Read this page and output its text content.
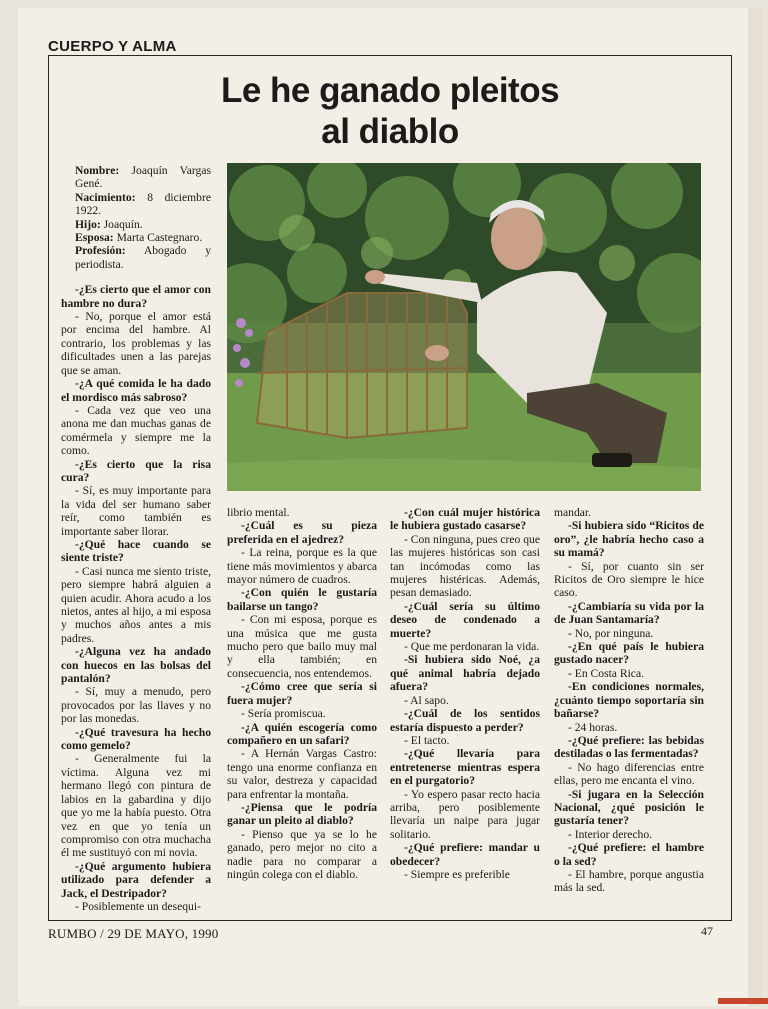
CUERPO Y ALMA
Le he ganado pleitos
al diablo

Nombre: Joaquín Vargas Gené.

Nacimiento: 8 diciembre 1922.

Hijo: Joaquín.

Esposa: Marta Castegnaro.

Profesión: Abogado y periodista.

-¿Es cierto que el amor con hambre no dura?

- No, porque el amor está por encima del hambre. Al contrario, los problemas y las dificultades unen a las parejas que se aman.

-¿A qué comida le ha dado el mordisco más sabroso?

- Cada vez que veo una anona me dan muchas ganas de comérmela y siempre me la como.

-¿Es cierto que la risa cura?

- Sí, es muy importante para la vida del ser humano saber reír, como también es importante saber llorar.

-¿Qué hace cuando se siente triste?

- Casi nunca me siento triste, pero siempre habrá alguien a quien acudir. Ahora acudo a los nietos, antes al hijo, a mi esposa y muchos años antes a mis padres.

-¿Alguna vez ha andado con huecos en las bolsas del pantalón?

- Sí, muy a menudo, pero provocados por las llaves y no por las monedas.

-¿Qué travesura ha hecho como gemelo?

- Generalmente fui la víctima. Alguna vez mi hermano llegó con pintura de labios en la gabardina y dijo que yo me la había puesto. Otra vez en que yo tenía un compromiso con otra muchacha él me sustituyó con mi novia.

-¿Qué argumento hubiera utilizado para defender a Jack, el Destripador?

- Posiblemente un desequi-

librio mental.

-¿Cuál es su pieza preferida en el ajedrez?

- La reina, porque es la que tiene más movimientos y abarca mayor número de cuadros.

-¿Con quién le gustaría bailarse un tango?

- Con mi esposa, porque es una música que me gusta mucho pero que bailo muy mal y ella también; en consecuencia, nos entendemos.

-¿Cómo cree que sería si fuera mujer?

- Sería promiscua.

-¿A quién escogería como compañero en un safari?

- A Hernán Vargas Castro: tengo una enorme confianza en su valor, destreza y capacidad para enfrentar la montaña.

-¿Piensa que le podría ganar un pleito al diablo?

- Pienso que ya se lo he ganado, pero mejor no cito a nadie para no comparar a ningún colega con el diablo.

-¿Con cuál mujer histórica le hubiera gustado casarse?

- Con ninguna, pues creo que las mujeres históricas son casi tan incómodas como las mujeres histéricas. Además, pesan demasiado.

-¿Cuál sería su último deseo de condenado a muerte?

- Que me perdonaran la vida.

-Si hubiera sido Noé, ¿a qué animal habría dejado afuera?

- Al sapo.

-¿Cuál de los sentidos estaría dispuesto a perder?

- El tacto.

-¿Qué llevaría para entretenerse mientras espera en el purgatorio?

- Yo espero pasar recto hacia arriba, pero posiblemente llevaría un naipe para jugar solitario.

-¿Qué prefiere: mandar u obedecer?

- Siempre es preferible

mandar.

-Si hubiera sido “Ricitos de oro”, ¿le habría hecho caso a su mamá?

- Sí, por cuanto sin ser Ricitos de Oro siempre le hice caso.

-¿Cambiaría su vida por la de Juan Santamaría?

- No, por ninguna.

-¿En qué país le hubiera gustado nacer?

- En Costa Rica.

-En condiciones normales, ¿cuánto tiempo soportaría sin bañarse?

- 24 horas.

-¿Qué prefiere: las bebidas destiladas o las fermentadas?

- No hago diferencias entre ellas, pero me encanta el vino.

-Si jugara en la Selección Nacional, ¿qué posición le gustaría tener?

- Interior derecho.

-¿Qué prefiere: el hambre o la sed?

- El hambre, porque angustia más la sed.

RUMBO / 29 DE MAYO, 1990	47
